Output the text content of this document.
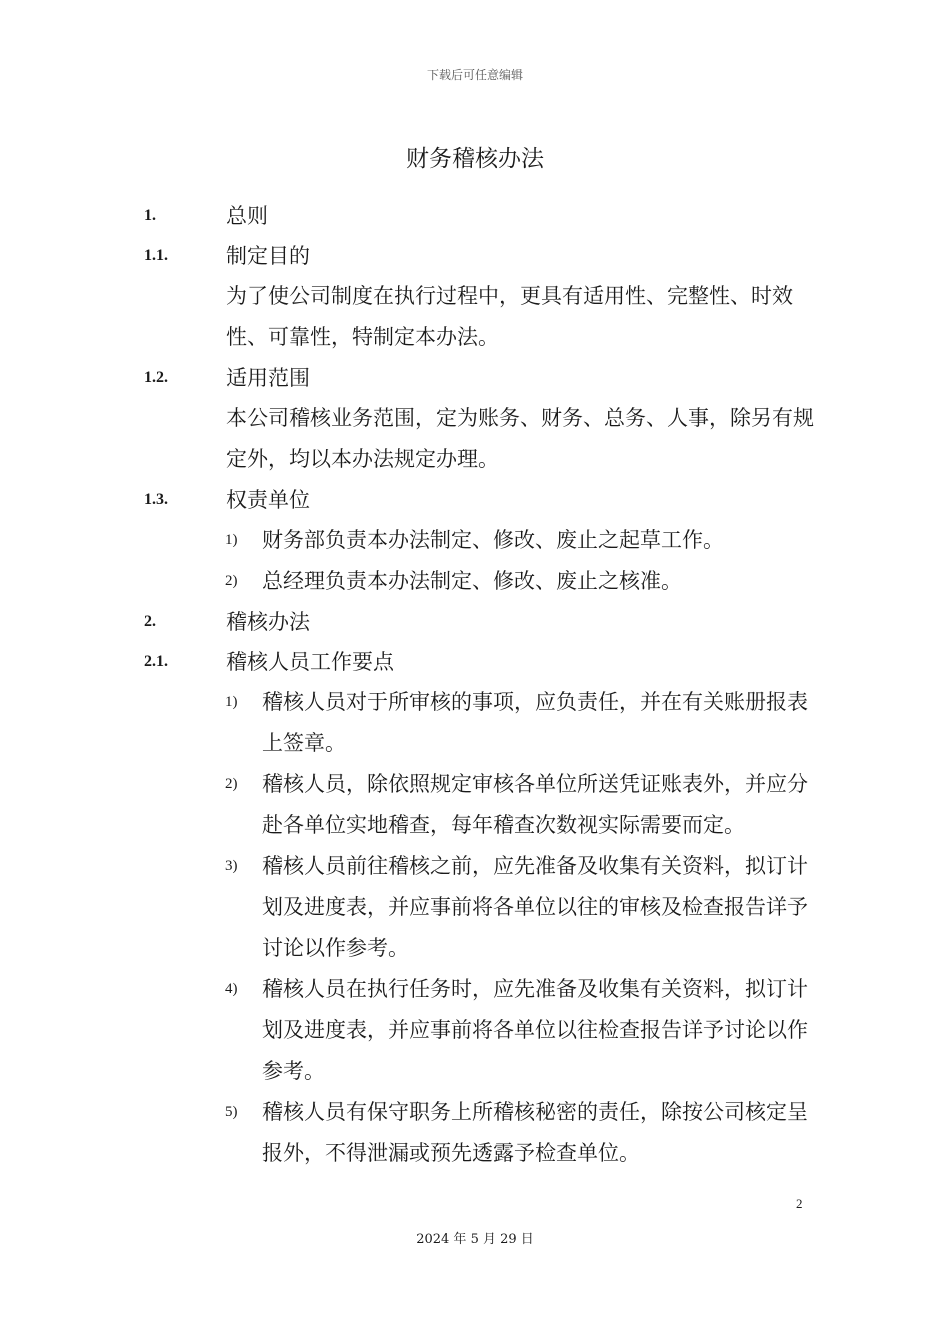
下载后可任意编辑
财务稽核办法
1.	总则
1.1.	制定目的
为了使公司制度在执行过程中，更具有适用性、完整性、时效性、可靠性，特制定本办法。
1.2.	适用范围
本公司稽核业务范围，定为账务、财务、总务、人事，除另有规定外，均以本办法规定办理。
1.3.	权责单位
1) 财务部负责本办法制定、修改、废止之起草工作。
2) 总经理负责本办法制定、修改、废止之核准。
2.	稽核办法
2.1.	稽核人员工作要点
1) 稽核人员对于所审核的事项，应负责任，并在有关账册报表上签章。
2) 稽核人员，除依照规定审核各单位所送凭证账表外，并应分赴各单位实地稽查，每年稽查次数视实际需要而定。
3) 稽核人员前往稽核之前，应先准备及收集有关资料，拟订计划及进度表，并应事前将各单位以往的审核及检查报告详予讨论以作参考。
4) 稽核人员在执行任务时，应先准备及收集有关资料，拟订计划及进度表，并应事前将各单位以往检查报告详予讨论以作参考。
5) 稽核人员有保守职务上所稽核秘密的责任，除按公司核定呈报外，不得泄漏或预先透露予检查单位。
2
2024 年 5 月 29 日
